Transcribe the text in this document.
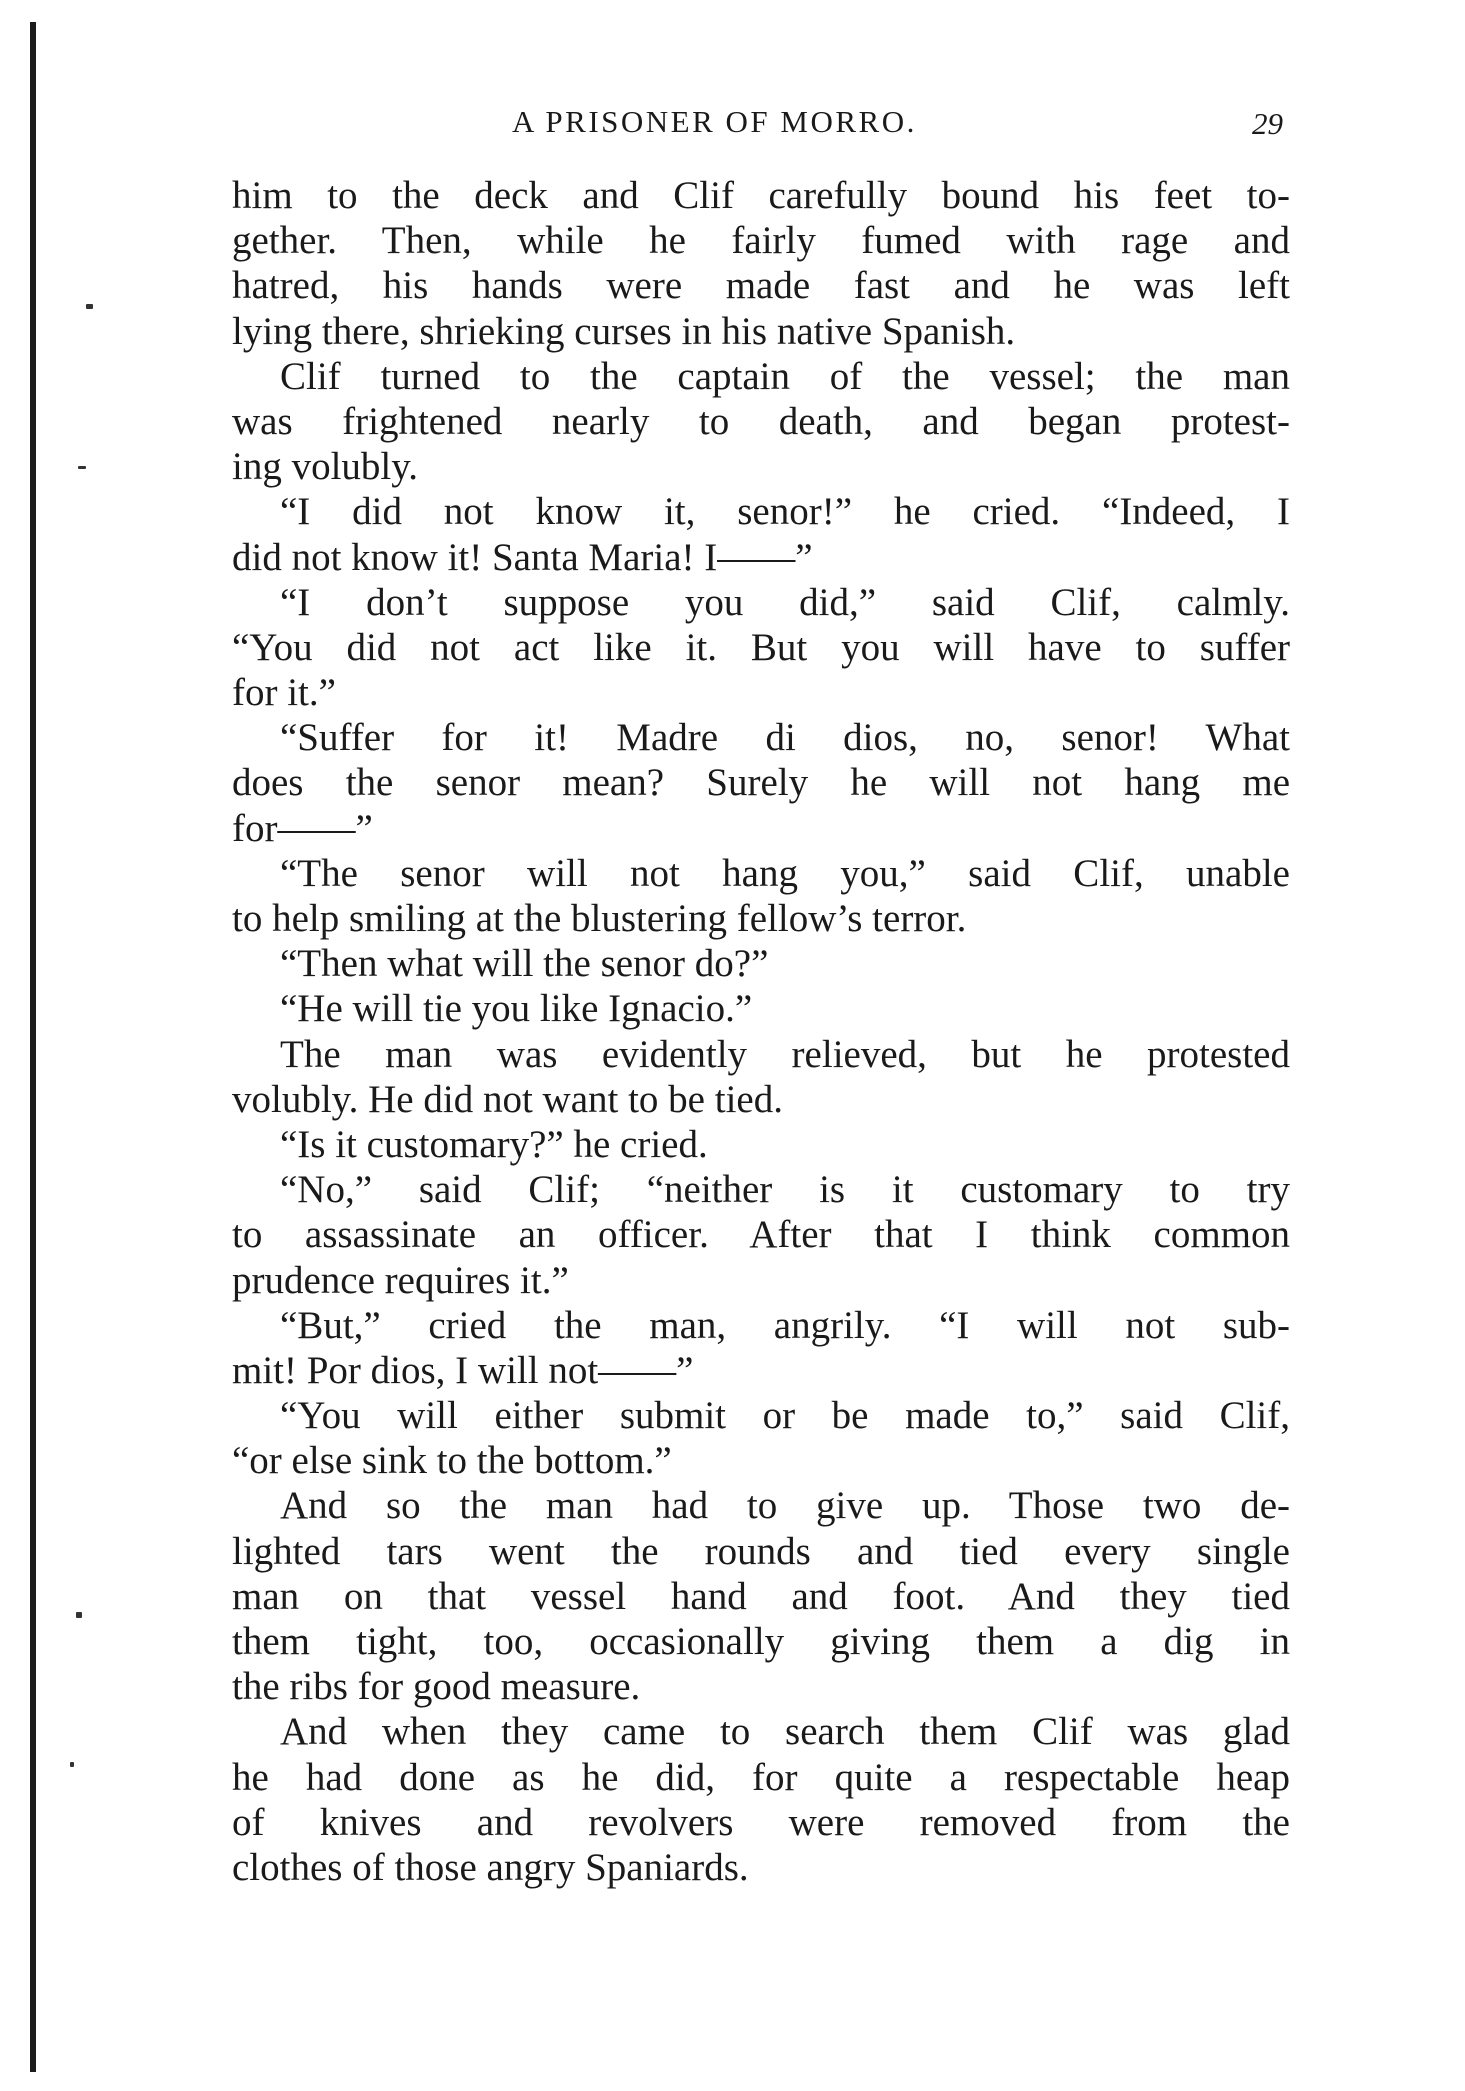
A PRISONER OF MORRO.	29
him to the deck and Clif carefully bound his feet to-
gether. Then, while he fairly fumed with rage and
hatred, his hands were made fast and he was left
lying there, shrieking curses in his native Spanish.
Clif turned to the captain of the vessel; the man
was frightened nearly to death, and began protest-
ing volubly.
“I did not know it, senor!” he cried. “Indeed, I
did not know it! Santa Maria! I——”
“I don’t suppose you did,” said Clif, calmly.
“You did not act like it. But you will have to suffer
for it.”
“Suffer for it! Madre di dios, no, senor! What
does the senor mean? Surely he will not hang me
for——”
“The senor will not hang you,” said Clif, unable
to help smiling at the blustering fellow’s terror.
“Then what will the senor do?”
“He will tie you like Ignacio.”
The man was evidently relieved, but he protested
volubly. He did not want to be tied.
“Is it customary?” he cried.
“No,” said Clif; “neither is it customary to try
to assassinate an officer. After that I think common
prudence requires it.”
“But,” cried the man, angrily. “I will not sub-
mit! Por dios, I will not——”
“You will either submit or be made to,” said Clif,
“or else sink to the bottom.”
And so the man had to give up. Those two de-
lighted tars went the rounds and tied every single
man on that vessel hand and foot. And they tied
them tight, too, occasionally giving them a dig in
the ribs for good measure.
And when they came to search them Clif was glad
he had done as he did, for quite a respectable heap
of knives and revolvers were removed from the
clothes of those angry Spaniards.
